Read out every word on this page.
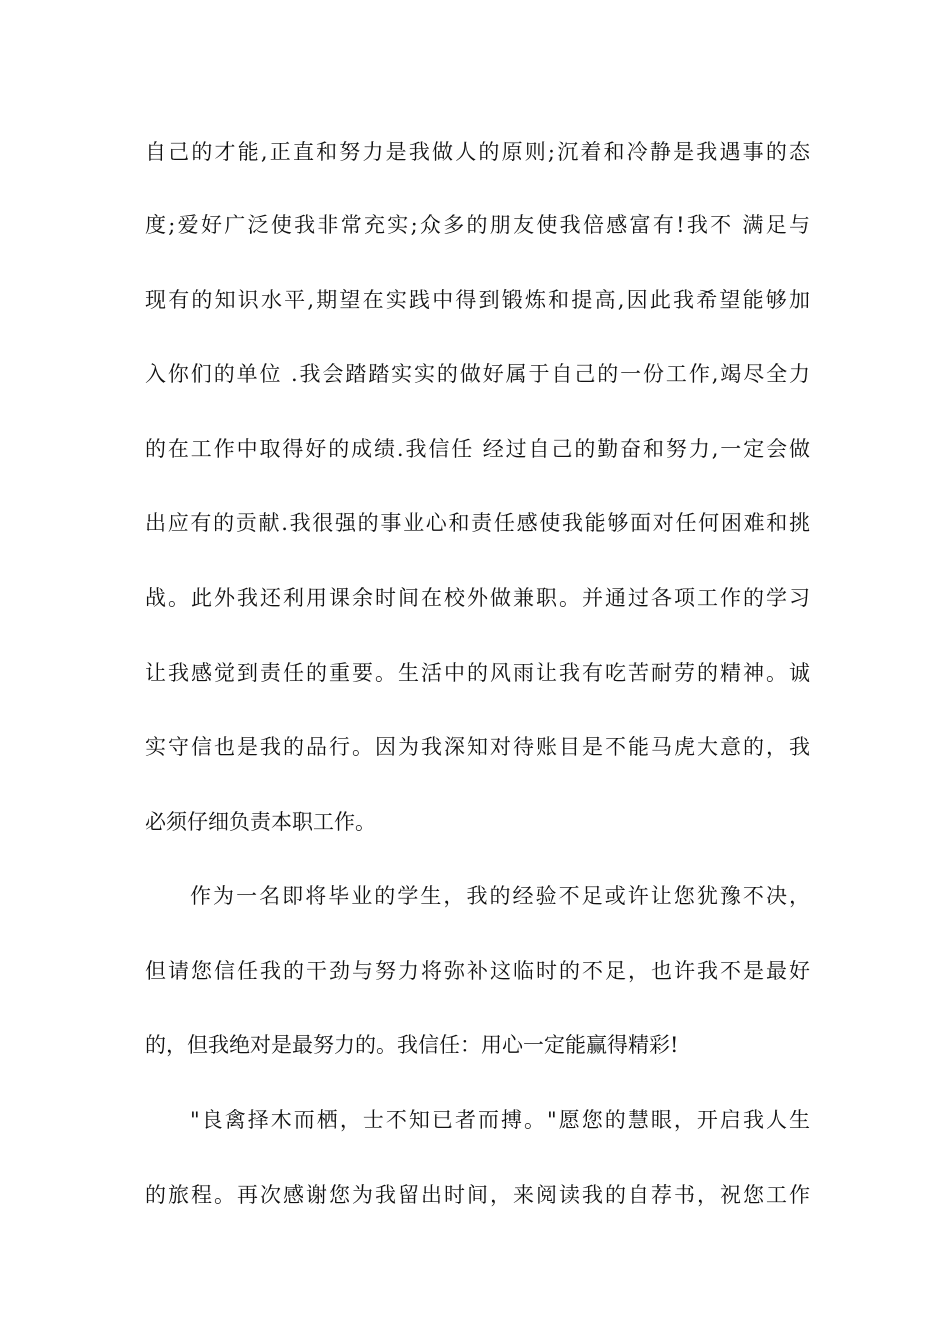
自己的才能,正直和努力是我做人的原则;沉着和冷静是我遇事的态
度;爱好广泛使我非常充实;众多的朋友使我倍感富有!我不 满足与
现有的知识水平,期望在实践中得到锻炼和提高,因此我希望能够加
入你们的单位 .我会踏踏实实的做好属于自己的一份工作,竭尽全力
的在工作中取得好的成绩.我信任 经过自己的勤奋和努力,一定会做
出应有的贡献.我很强的事业心和责任感使我能够面对任何困难和挑
战。此外我还利用课余时间在校外做兼职。并通过各项工作的学习
让我感觉到责任的重要。生活中的风雨让我有吃苦耐劳的精神。诚
实守信也是我的品行。因为我深知对待账目是不能马虎大意的，我
必须仔细负责本职工作。
作为一名即将毕业的学生，我的经验不足或许让您犹豫不决，
但请您信任我的干劲与努力将弥补这临时的不足，也许我不是最好
的，但我绝对是最努力的。我信任：用心一定能赢得精彩!
"良禽择木而栖，士不知已者而搏。"愿您的慧眼，开启我人生
的旅程。再次感谢您为我留出时间，来阅读我的自荐书，祝您工作
